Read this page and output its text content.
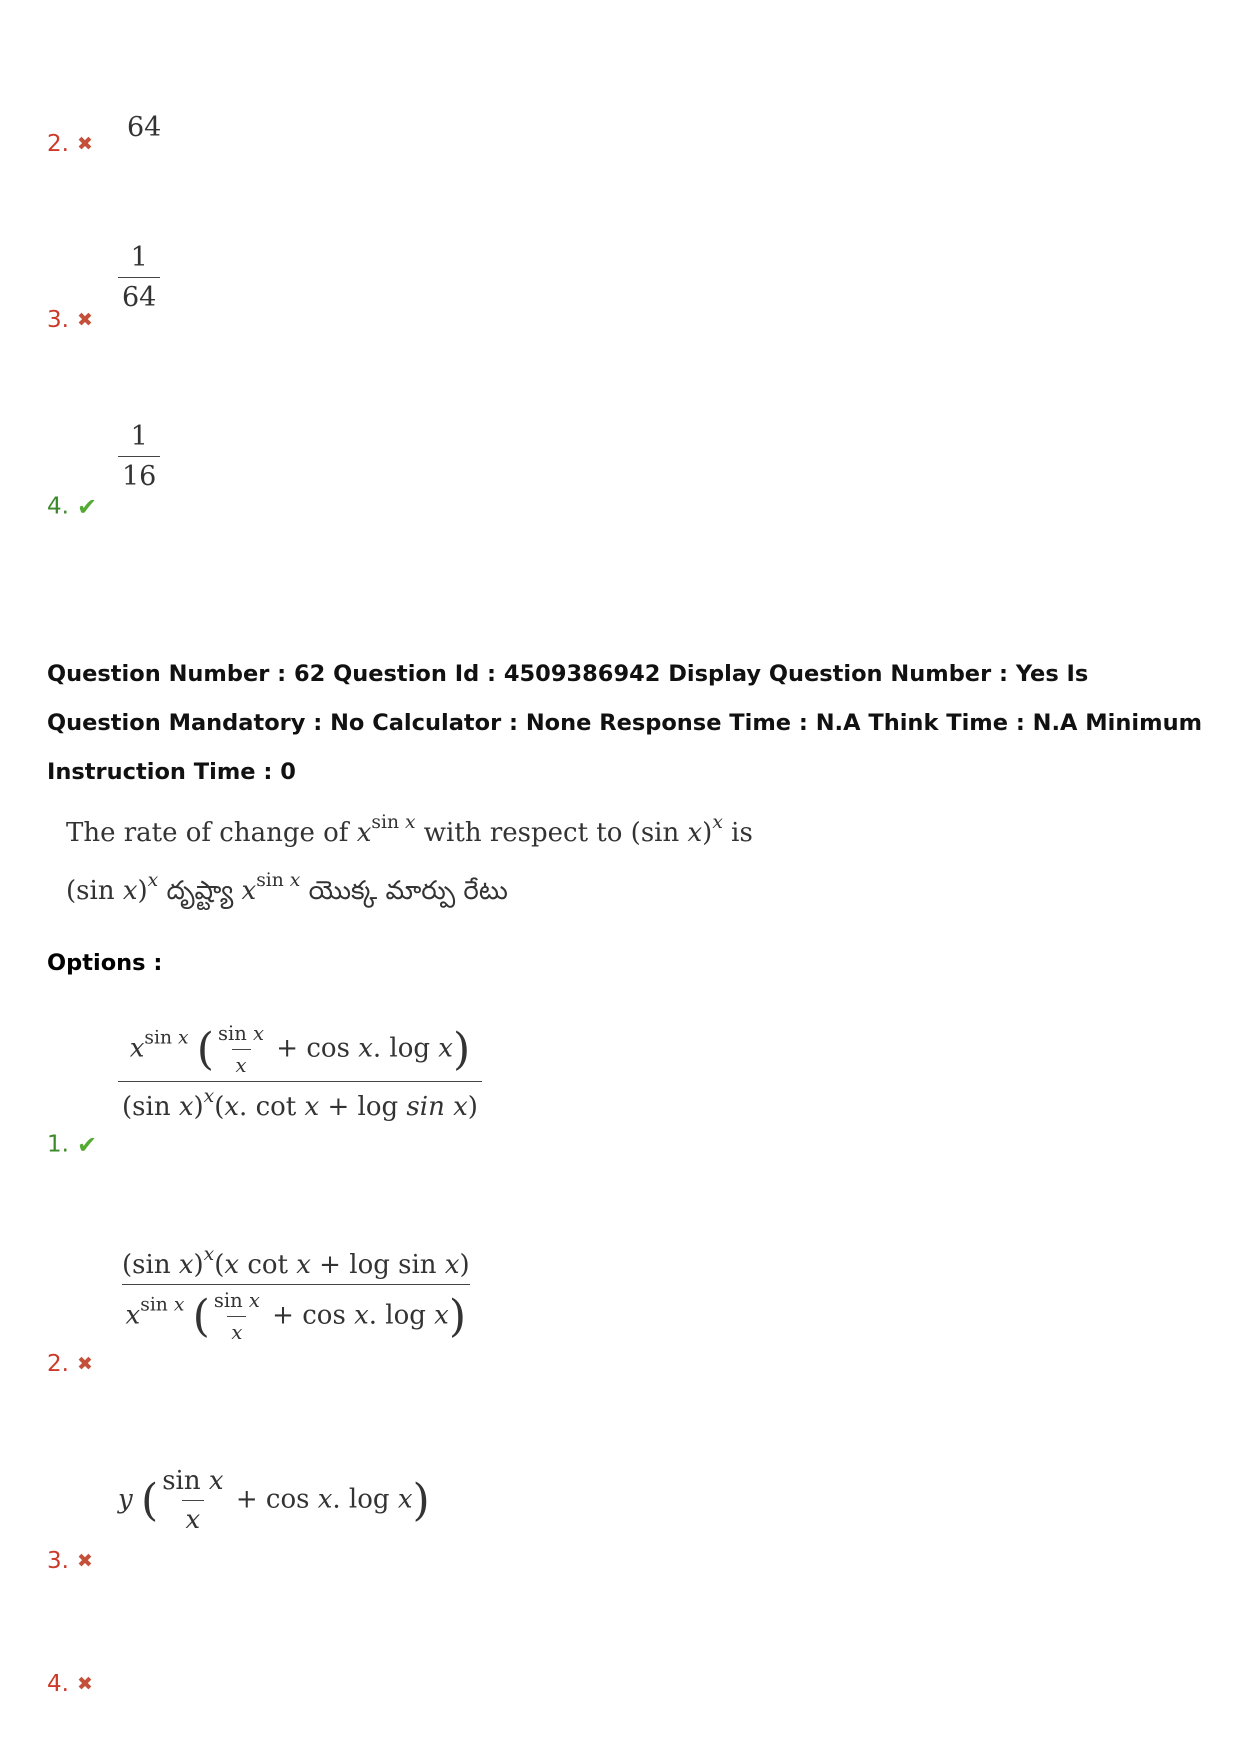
2. ✖
64
3. ✖
$\frac{1}{64}$
4. ✔
$\frac{1}{16}$
Question Number : 62 Question Id : 4509386942 Display Question Number : Yes Is Question Mandatory : No Calculator : None Response Time : N.A Think Time : N.A Minimum Instruction Time : 0
The rate of change of $x^{sin x}$ with respect to (sin x)$^x$ is
(sin x)$^x$ దృష్ట్యా $x^{sin x}$ యొక్క మార్పు రేటు
Options :
1. ✔
$\frac{x^{sin x} ( \frac{\text{sin x}}{x} + \cos x. \log x)}{(\sin x)^x(x. \cot x + \log \sin x)}$
2. ✖
$\frac{(\sin x)^x(x \cot x + \log \sin x)}{x^{sin x} ( \frac{\text{sin x}}{x} + \cos x. \log x)}$
3. ✖
y ( $\frac{\text{sin x}}{x} + \cos x$. log x)
4. ✖
